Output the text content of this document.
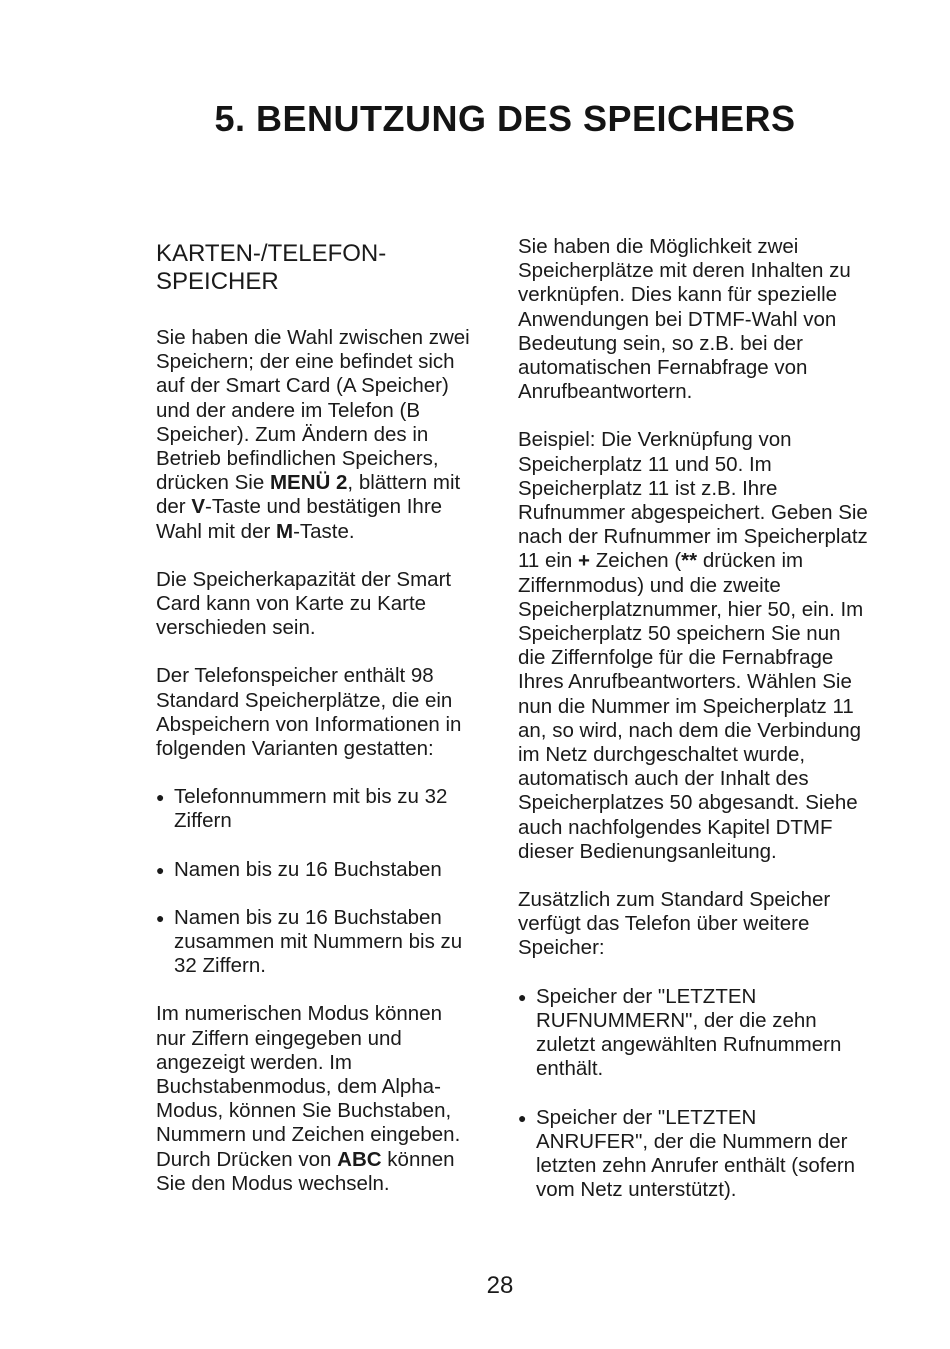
5. BENUTZUNG DES SPEICHERS
KARTEN-/TELEFON-
SPEICHER

Sie haben die Wahl zwischen zwei Speichern; der eine befindet sich auf der Smart Card (A Speicher) und der andere im Telefon (B Speicher). Zum Ändern des in Betrieb befindlichen Speichers, drücken Sie MENÜ 2, blättern mit der V-Taste und bestätigen Ihre Wahl mit der M-Taste.

Die Speicherkapazität der Smart Card kann von Karte zu Karte verschieden sein.

Der Telefonspeicher enthält 98 Standard Speicherplätze, die ein Abspeichern von Informationen in folgenden Varianten gestatten:

● Telefonnummern mit bis zu 32 Ziffern
● Namen bis zu 16 Buchstaben
● Namen bis zu 16 Buchstaben zusammen mit Nummern bis zu 32 Ziffern.

Im numerischen Modus können nur Ziffern eingegeben und angezeigt werden. Im Buchstabenmodus, dem Alpha-Modus, können Sie Buchstaben, Nummern und Zeichen eingeben. Durch Drücken von ABC können Sie den Modus wechseln.

Sie haben die Möglichkeit zwei Speicherplätze mit deren Inhalten zu verknüpfen. Dies kann für spezielle Anwendungen bei DTMF-Wahl von Bedeutung sein, so z.B. bei der automatischen Fernabfrage von Anrufbeantwortern.

Beispiel: Die Verknüpfung von Speicherplatz 11 und 50. Im Speicherplatz 11 ist z.B. Ihre Rufnummer abgespeichert. Geben Sie nach der Rufnummer im Speicherplatz 11 ein + Zeichen (** drücken im Ziffernmodus) und die zweite Speicherplatznummer, hier 50, ein. Im Speicherplatz 50 speichern Sie nun die Ziffernfolge für die Fernabfrage Ihres Anrufbeantworters. Wählen Sie nun die Nummer im Speicherplatz 11 an, so wird, nach dem die Verbindung im Netz durchgeschaltet wurde, automatisch auch der Inhalt des Speicherplatzes 50 abgesandt. Siehe auch nachfolgendes Kapitel DTMF dieser Bedienungsanleitung.

Zusätzlich zum Standard Speicher verfügt das Telefon über weitere Speicher:

● Speicher der "LETZTEN RUFNUMMERN", der die zehn zuletzt angewählten Rufnummern enthält.
● Speicher der "LETZTEN ANRUFER", der die Nummern der letzten zehn Anrufer enthält (sofern vom Netz unterstützt).
28
